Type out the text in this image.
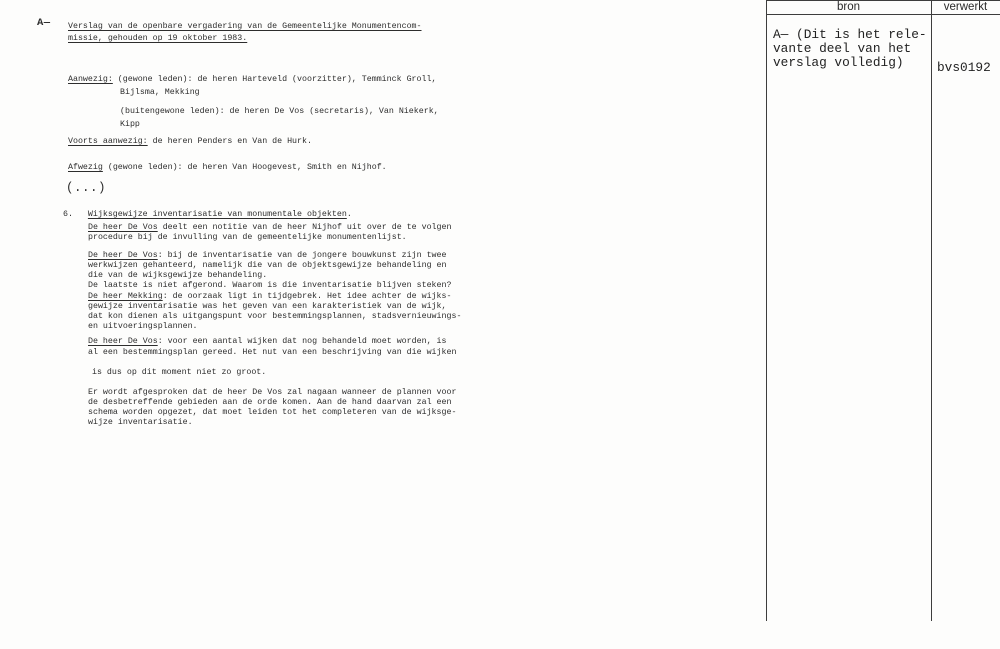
A— Verslag van de openbare vergadering van de Gemeentelijke Monumentencom-
missie, gehouden op 19 oktober 1983.
Aanwezig: (gewone leden): de heren Harteveld (voorzitter), Temminck Groll,
Bijlsma, Mekking
(buitengewone leden): de heren De Vos (secretaris), Van Niekerk,
Kipp
Voorts aanwezig: de heren Penders en Van de Hurk.
Afwezig (gewone leden): de heren Van Hoogevest, Smith en Nijhof.
(...)
6.   Wijksgewijze inventarisatie van monumentale objekten.
De heer De Vos deelt een notitie van de heer Nijhof uit over de te volgen
procedure bij de invulling van de gemeentelijke monumentenlijst.
De heer De Vos: bij de inventarisatie van de jongere bouwkunst zijn twee
werkwijzen gehanteerd, namelijk die van de objektsgewijze behandeling en
die van de wijksgewijze behandeling.
De laatste is niet afgerond. Waarom is die inventarisatie blijven steken?
De heer Mekking: de oorzaak ligt in tijdgebrek. Het idee achter de wijks-
gewijze inventarisatie was het geven van een karakteristiek van de wijk,
dat kon dienen als uitgangspunt voor bestemmingsplannen, stadsvernieuwings-
en uitvoeringsplannen.
De heer De Vos: voor een aantal wijken dat nog behandeld moet worden, is
al een bestemmingsplan gereed. Het nut van een beschrijving van die wijken
is dus op dit moment niet zo groot.
Er wordt afgesproken dat de heer De Vos zal nagaan wanneer de plannen voor
de desbetreffende gebieden aan de orde komen. Aan de hand daarvan zal een
schema worden opgezet, dat moet leiden tot het completeren van de wijksge-
wijze inventarisatie.
bron	verwerkt
A— (Dit is het rele-
vante deel van het
verslag volledig)	bvs0192
